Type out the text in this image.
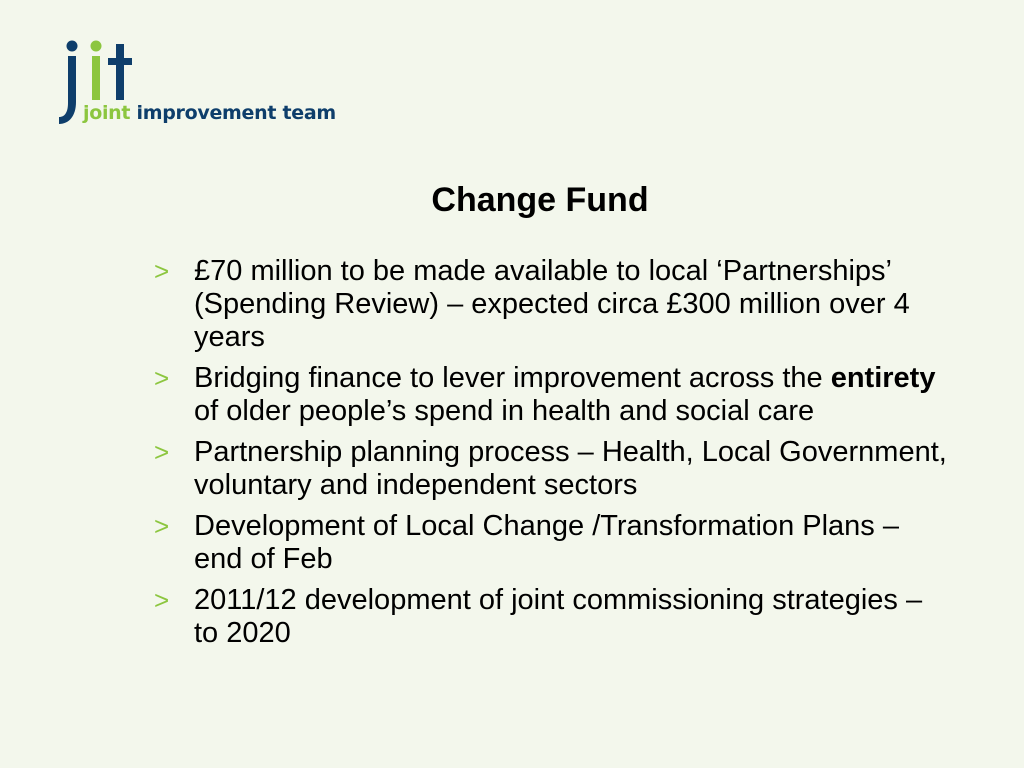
joint improvement team
Change Fund
> £70 million to be made available to local ‘Partnerships’ (Spending Review) – expected circa £300 million over 4 years
> Bridging finance to lever improvement across the entirety of older people’s spend in health and social care
> Partnership planning process – Health, Local Government, voluntary and independent sectors
> Development of Local Change /Transformation Plans – end of Feb
> 2011/12 development of joint commissioning strategies – to 2020
